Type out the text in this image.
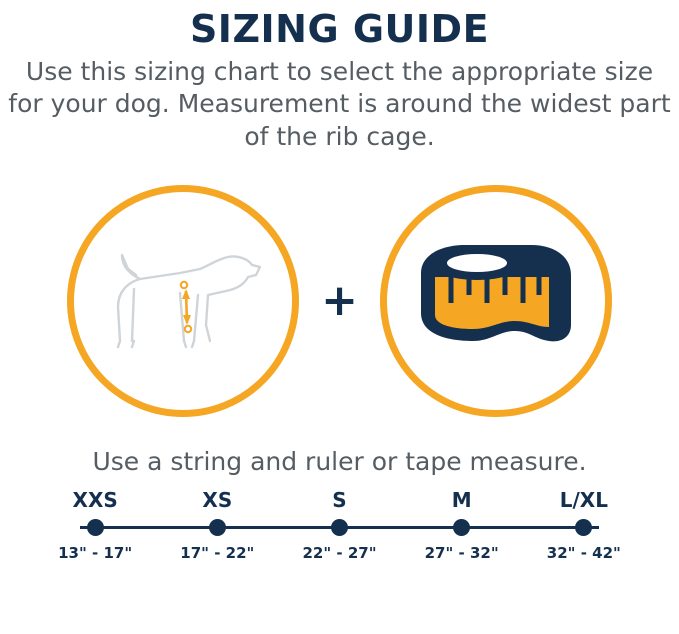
SIZING GUIDE

Use this sizing chart to select the appropriate size for your dog. Measurement is around the widest part of the rib cage.

+
Use a string and ruler or tape measure.
XXS
13" - 17"
XS
17" - 22"
S
22" - 27"
M
27" - 32"
L/XL
32" - 42"
